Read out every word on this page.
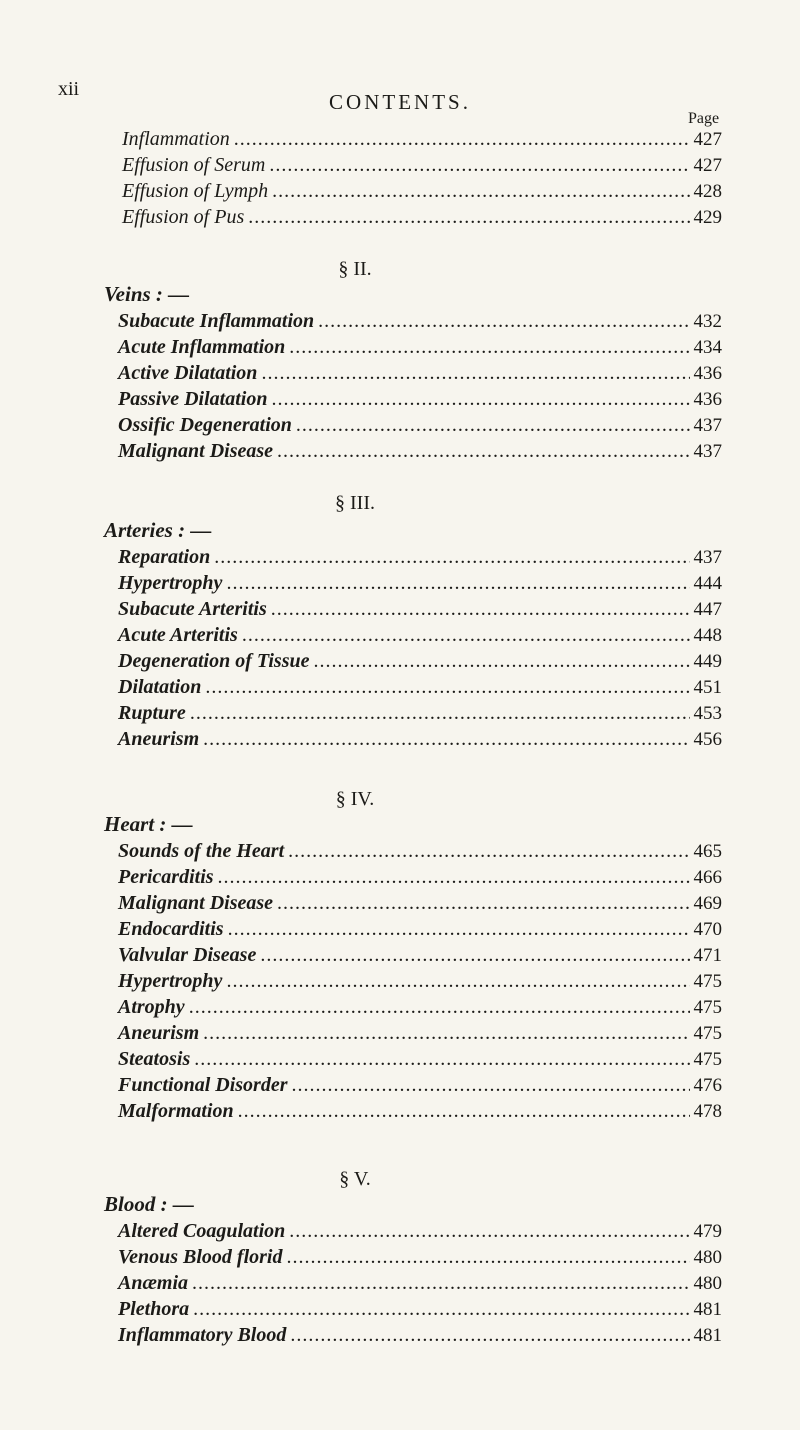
xii
CONTENTS.
Page
Inflammation .....	427
Effusion of Serum .....	427
Effusion of Lymph .....	428
Effusion of Pus .....	429
§ II.
Veins : —
Subacute Inflammation .....	432
Acute Inflammation .....	434
Active Dilatation .....	436
Passive Dilatation .....	436
Ossific Degeneration .....	437
Malignant Disease .....	437
§ III.
Arteries : —
Reparation .....	437
Hypertrophy .....	444
Subacute Arteritis .....	447
Acute Arteritis .....	448
Degeneration of Tissue .....	449
Dilatation .....	451
Rupture .....	453
Aneurism .....	456
§ IV.
Heart : —
Sounds of the Heart .....	465
Pericarditis .....	466
Malignant Disease .....	469
Endocarditis .....	470
Valvular Disease .....	471
Hypertrophy .....	475
Atrophy .....	475
Aneurism .....	475
Steatosis .....	475
Functional Disorder .....	476
Malformation .....	478
§ V.
Blood : —
Altered Coagulation .....	479
Venous Blood florid .....	480
Anæmia .....	480
Plethora .....	481
Inflammatory Blood .....	481
